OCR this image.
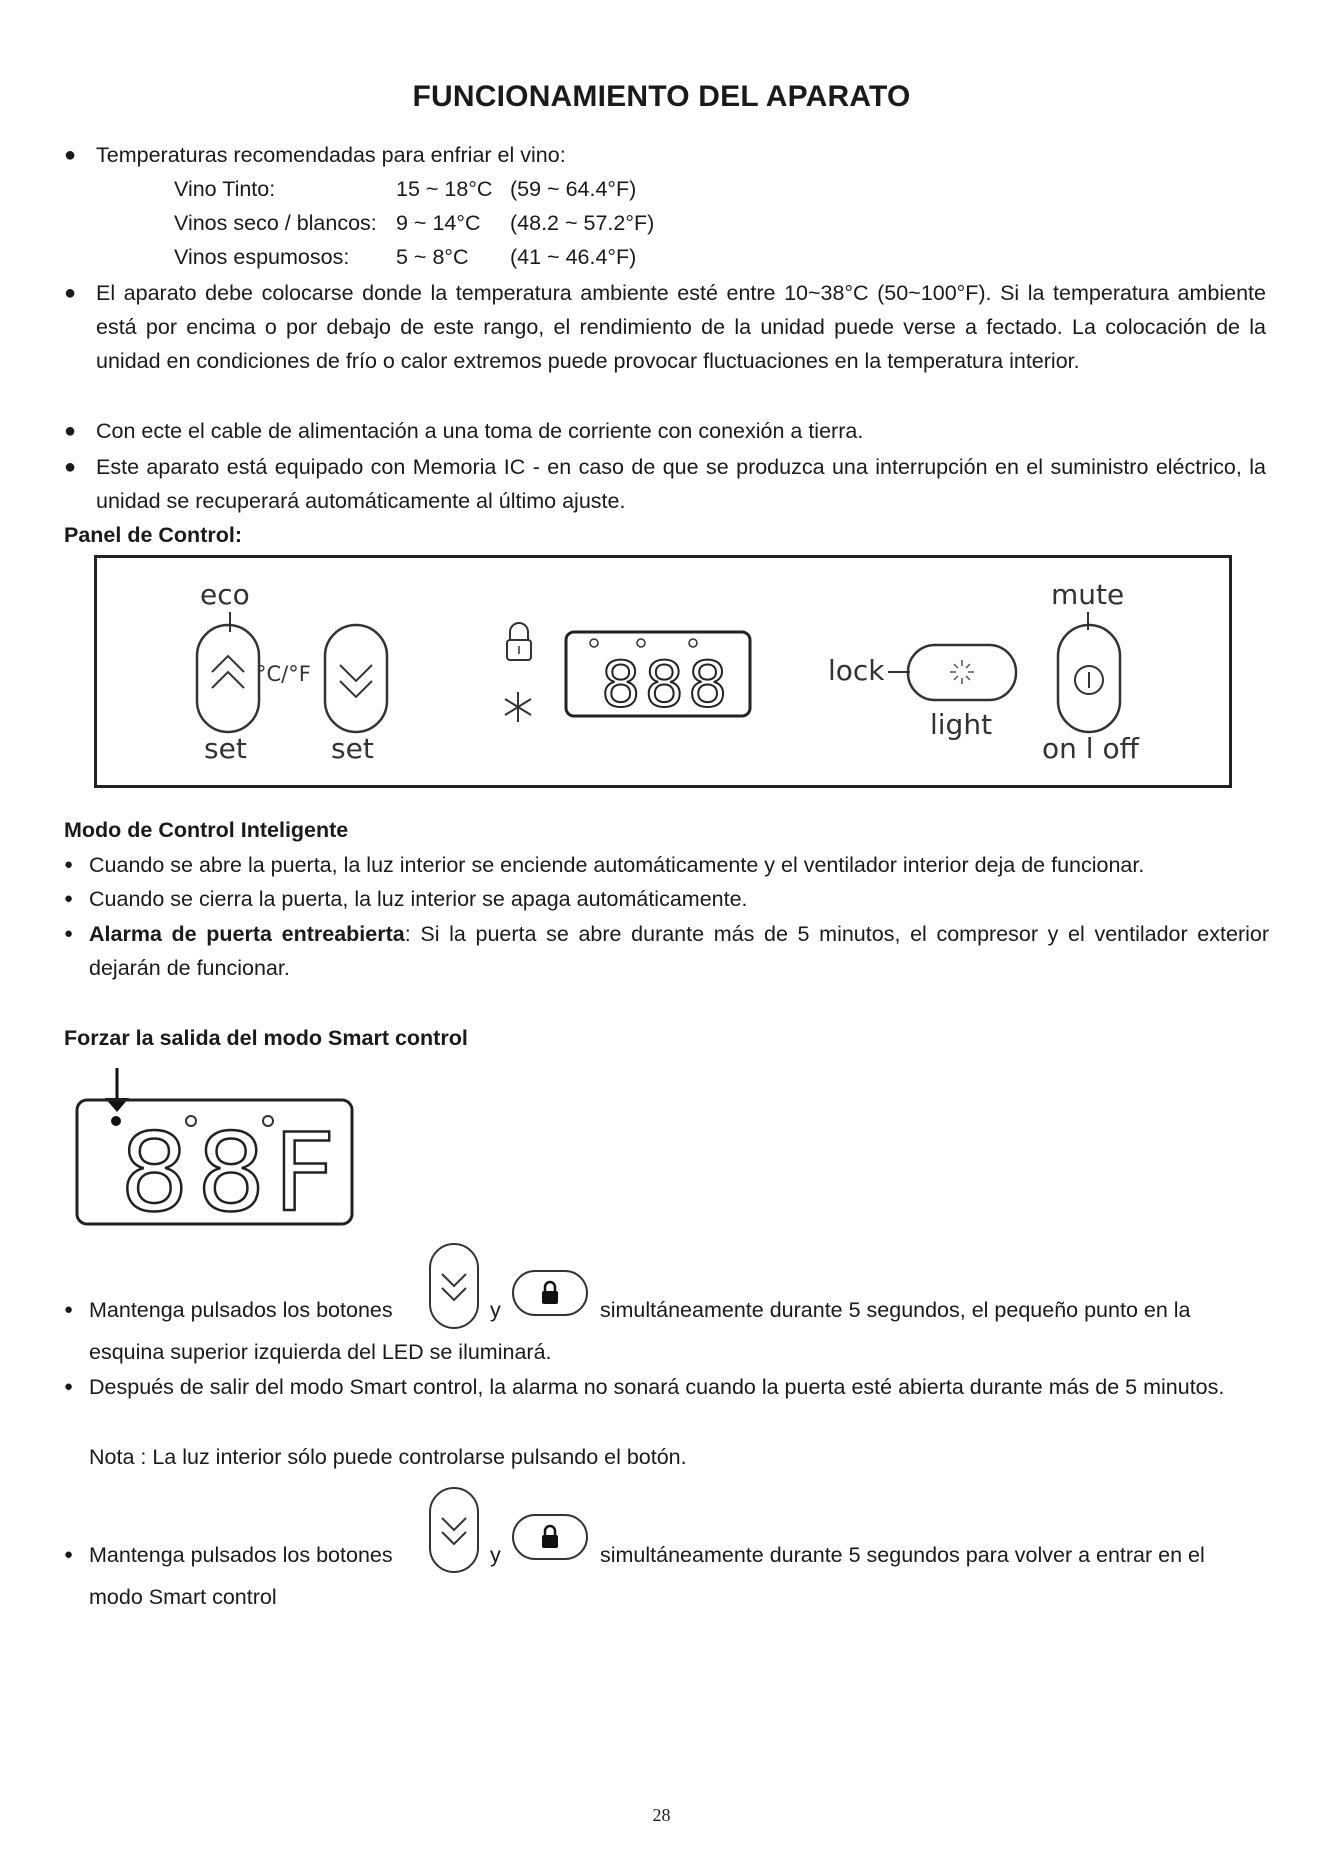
FUNCIONAMIENTO DEL APARATO
● Temperaturas recomendadas para enfriar el vino:
Vino Tinto:	15 ~ 18°C (59 ~ 64.4°F)
Vinos seco / blancos: 9 ~ 14°C (48.2 ~ 57.2°F)
Vinos espumosos: 5 ~ 8°C (41 ~ 46.4°F)
● El aparato debe colocarse donde la temperatura ambiente esté entre 10~38°C (50~100°F). Si la temperatura ambiente está por encima o por debajo de este rango, el rendimiento de la unidad puede verse a fectado. La colocación de la unidad en condiciones de frío o calor extremos puede provocar fluctuaciones en la temperatura interior.
● Con ecte el cable de alimentación a una toma de corriente con conexión a tierra.
● Este aparato está equipado con Memoria IC - en caso de que se produzca una interrupción en el suministro eléctrico, la unidad se recuperará automáticamente al último ajuste.
Panel de Control:
eco
set	set
°C/°F	lock
light
mute
on l off
888
Modo de Control Inteligente
● Cuando se abre la puerta, la luz interior se enciende automáticamente y el ventilador interior deja de funcionar.
● Cuando se cierra la puerta, la luz interior se apaga automáticamente.
● Alarma de puerta entreabierta: Si la puerta se abre durante más de 5 minutos, el compresor y el ventilador exterior dejarán de funcionar.
Forzar la salida del modo Smart control
88F
● Mantenga pulsados los botones	y	simultáneamente durante 5 segundos, el pequeño punto en la
esquina superior izquierda del LED se iluminará.
● Después de salir del modo Smart control, la alarma no sonará cuando la puerta esté abierta durante más de 5 minutos.
Nota : La luz interior sólo puede controlarse pulsando el botón.
● Mantenga pulsados los botones	y	simultáneamente durante 5 segundos para volver a entrar en el
modo Smart control
28
